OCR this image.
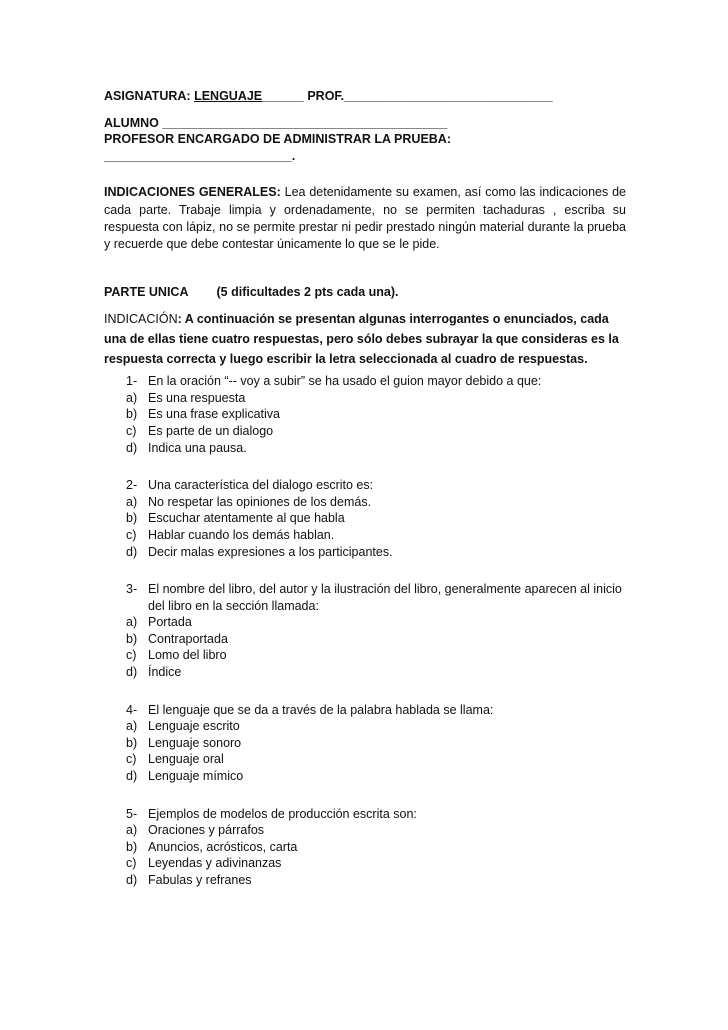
ASIGNATURA: LENGUAJE______ PROF.______________________________
ALUMNO _________________________________________
PROFESOR ENCARGADO DE ADMINISTRAR LA PRUEBA:
___________________________.
INDICACIONES GENERALES: Lea detenidamente su examen, así como las indicaciones de cada parte. Trabaje limpia y ordenadamente, no se permiten tachaduras , escriba su respuesta con lápiz, no se permite prestar ni pedir prestado ningún material durante la prueba y recuerde que debe contestar únicamente lo que se le pide.
PARTE UNICA (5 dificultades 2 pts cada una).
INDICACIÓN: A continuación se presentan algunas interrogantes o enunciados, cada una de ellas tiene cuatro respuestas, pero sólo debes subrayar la que consideras es la respuesta correcta y luego escribir la letra seleccionada al cuadro de respuestas.
1- En la oración “-- voy a subir” se ha usado el guion mayor debido a que:
a) Es una respuesta
b) Es una frase explicativa
c) Es parte de un dialogo
d) Indica una pausa.
2- Una característica del dialogo escrito es:
a) No respetar las opiniones de los demás.
b) Escuchar atentamente al que habla
c) Hablar cuando los demás hablan.
d) Decir malas expresiones a los participantes.
3- El nombre del libro, del autor y la ilustración del libro, generalmente aparecen al inicio del libro en la sección llamada:
a) Portada
b) Contraportada
c) Lomo del libro
d) Índice
4- El lenguaje que se da a través de la palabra hablada se llama:
a) Lenguaje escrito
b) Lenguaje sonoro
c) Lenguaje oral
d) Lenguaje mímico
5- Ejemplos de modelos de producción escrita son:
a) Oraciones y párrafos
b) Anuncios, acrósticos, carta
c) Leyendas y adivinanzas
d) Fabulas y refranes
